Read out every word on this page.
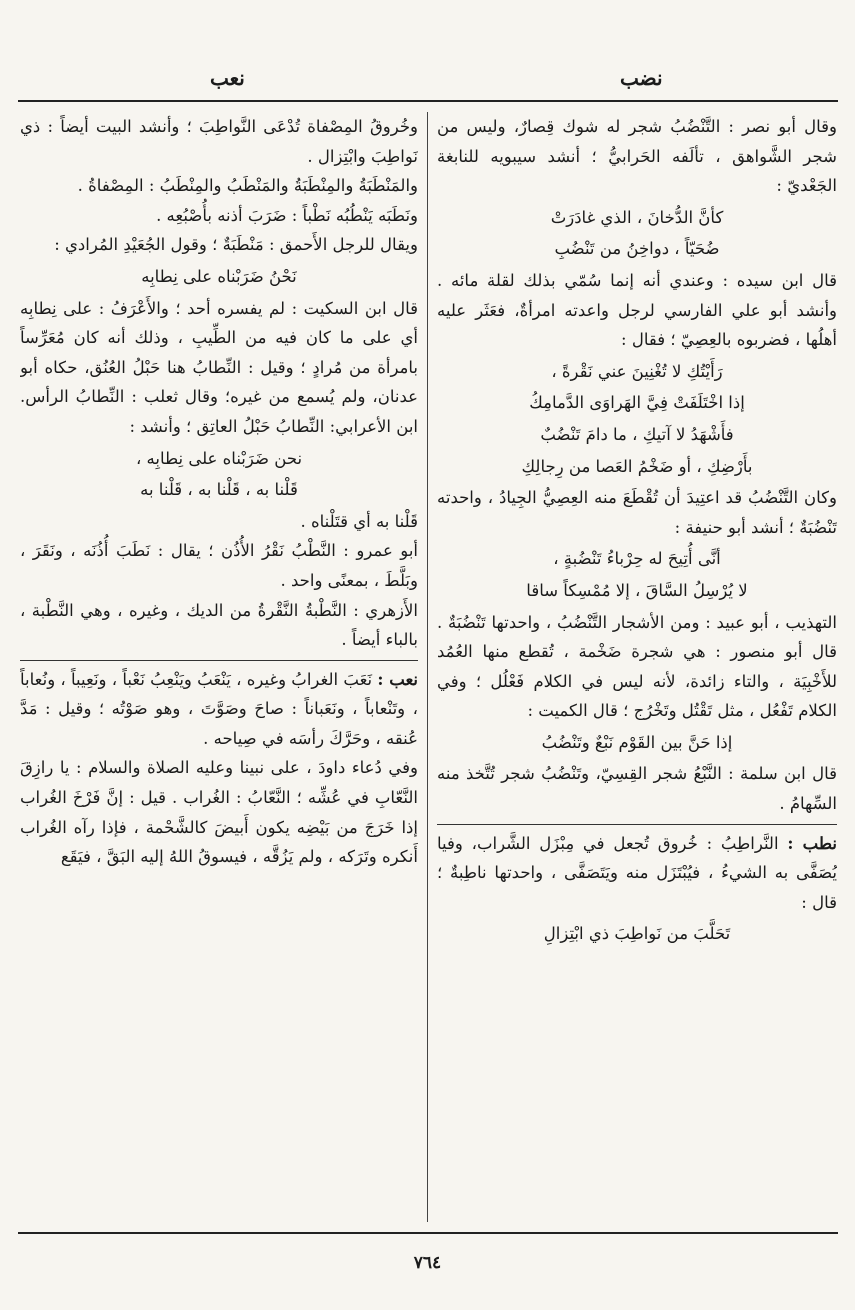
نضب
نعب

وقال أبو نصر : التَّنْضُبُ شجر له شوك قِصارٌ، وليس من شجر الشَّواهق ، تألَفه الحَرابيُّ ؛ أنشد سيبويه للنابغة الجَعْديّ :

كأنَّ الدُّخانَ ، الذي غادَرَتْ

ضُحَيّاً ، دواخِنُ من تَنْضُبِ

قال ابن سيده : وعندي أنه إنما سُمّي بذلك لقلة مائه . وأنشد أبو علي الفارسي لرجل واعدته امرأةٌ، فعَثَر عليه أهلُها ، فضربوه بالعِصِيّ ؛ فقال :

رَأَيْتُكِ لا تُغْنِينَ عني نَقْرةً ،

إذا اخْتَلَفَتْ فِيَّ الهَراوَى الدَّمامِكُ

فأَشْهَدُ لا آتيكِ ، ما دامَ تَنْضُبٌ

بأَرْضِكِ ، أو ضَخْمُ العَصا من رِجالِكِ

وكان التَّنْضُبُ قد اعتِيدَ أن تُقْطَعَ منه العِصِيُّ الجِيادُ ، واحدته تَنْضُبَةٌ ؛ أنشد أبو حنيفة :

أنَّى أُتِيحَ له حِرْباءُ تَنْضُبةٍ ،

لا يُرْسِلُ السَّاقَ ، إلا مُمْسِكاً ساقا

التهذيب ، أبو عبيد : ومن الأشجار التَّنْضُبُ ، واحدتها تَنْضُبَةٌ . قال أبو منصور : هي شجرة ضَخْمة ، تُقطع منها العُمُد للأَخْبِيَة ، والتاء زائدة، لأنه ليس في الكلام فَعْلُل ؛ وفي الكلام تَفْعُل ، مثل تَقْتُل وتَخْرُج ؛ قال الكميت :

إذا حَنَّ بين القَوْم نَبْعٌ وتَنْضُبُ

قال ابن سلمة : النَّبْعُ شجر القِسِيّ، وتَنْضُبُ شجر تُتَّخذ منه السِّهامُ .

نطب : النَّراطِبُ : خُروق تُجعل في مِبْزَل الشَّراب، وفيا يُصَفَّى به الشيءُ ، فيُبْتَزَل منه ويَتَصَفَّى ، واحدتها ناطِبةٌ ؛ قال :

تَحَلَّبَ من نَواطِبَ ذي ابْتِزالِ

وخُروقُ المِصْفاة تُدْعَى النَّواطِبَ ؛ وأنشد البيت أيضاً : ذي نَواطِبَ وابْتِزال .

والمَنْطَبَةُ والمِنْطَبَةُ والمَنْطَبُ والمِنْطَبُ : المِصْفاةُ .

ونَطَبَه يَنْطُبُه نَطْباً : ضَرَبَ أذنه بأُصْبُعِه .

ويقال للرجل الأَحمق : مَنْطَبَةٌ ؛ وقول الجُعَيْدِ المُرادي :

نَحْنُ ضَرَبْناه على نِطابِه

قال ابن السكيت : لم يفسره أحد ؛ والأَعْرَفُ : على نِطابِه أي على ما كان فيه من الطِّيبِ ، وذلك أنه كان مُعَرِّساً بامرأة من مُرادٍ ؛ وقيل : النِّطابُ هنا حَبْلُ العُنُق، حكاه أبو عدنان، ولم يُسمع من غيره؛ وقال ثعلب : النِّطابُ الرأس. ابن الأعرابي: النِّطابُ حَبْلُ العاتِق ؛ وأنشد :

نحن ضَرَبْناه على نِطابِه ،

قَلْنا به ، قَلْنا به ، قَلْنا به

قَلْنا به أي قتَلْناه .

أبو عمرو : النَّطْبُ نَقْرُ الأُذُن ؛ يقال : نَطَبَ أُذُنَه ، ونَقَرَ ، وبَلَّطَ ، بمعنًى واحد .

الأَزهري : النَّطْبةُ النَّقْرةُ من الديك ، وغيره ، وهي النَّطْبة ، بالباء أيضاً .

نعب : نَعَبَ الغرابُ وغيره ، يَنْعَبُ ويَنْعِبُ نَعْباً ، ونَعِيباً ، ونُعاباً ، وتَنْعاباً ، ونَعَباناً : صاحَ وصَوَّتَ ، وهو صَوْتُه ؛ وقيل : مَدَّ عُنقه ، وحَرَّكَ رأسَه في صِياحه .

وفي دُعاء داودَ ، على نبينا وعليه الصلاة والسلام : يا رازِقَ النَّعّابِ في عُشِّه ؛ النَّعّابُ : الغُراب . قيل : إنَّ فَرْخَ الغُراب إذا خَرَجَ من بَيْضِه يكون أَبيضَ كالشَّحْمة ، فإذا رآه الغُراب أَنكره وتَرَكه ، ولم يَزُقَّه ، فيسوقُ اللهُ إليه البَقَّ ، فيَقَع

٧٦٤
